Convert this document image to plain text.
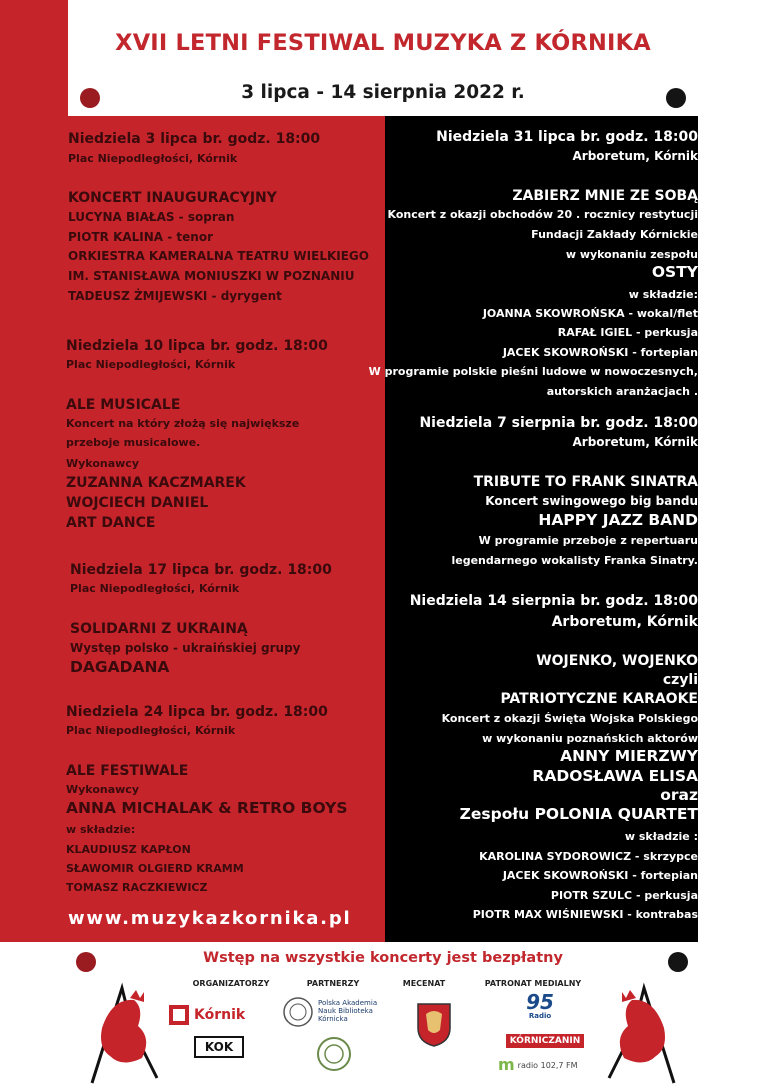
XVII LETNI FESTIWAL MUZYKA Z KÓRNIKA
3 lipca - 14 sierpnia 2022 r.
Niedziela 3 lipca br. godz. 18:00
Plac Niepodległości, Kórnik
KONCERT INAUGURACYJNY
LUCYNA BIAŁAS - sopran
PIOTR KALINA - tenor
ORKIESTRA KAMERALNA TEATRU WIELKIEGO
IM. STANISŁAWA MONIUSZKI W POZNANIU
TADEUSZ ŻMIJEWSKI - dyrygent
Niedziela 10 lipca br. godz. 18:00
Plac Niepodległości, Kórnik
ALE MUSICALE
Koncert na który złożą się największe
przeboje musicalowe.
Wykonawcy
ZUZANNA KACZMAREK
WOJCIECH DANIEL
ART DANCE
Niedziela 17 lipca br. godz. 18:00
Plac Niepodległości, Kórnik
SOLIDARNI Z UKRAINĄ
Występ polsko - ukraińskiej grupy
DAGADANA
Niedziela 24 lipca br. godz. 18:00
Plac Niepodległości, Kórnik
ALE FESTIWALE
Wykonawcy
ANNA MICHALAK & RETRO BOYS
w składzie:
KLAUDIUSZ KAPŁON
SŁAWOMIR OLGIERD KRAMM
TOMASZ RACZKIEWICZ
Niedziela 31 lipca br. godz. 18:00
Arboretum, Kórnik
ZABIERZ MNIE ZE SOBĄ
Koncert z okazji obchodów 20 . rocznicy restytucji
Fundacji Zakłady Kórnickie
w wykonaniu zespołu
OSTY
w składzie:
JOANNA SKOWROŃSKA - wokal/flet
RAFAŁ IGIEL - perkusja
JACEK SKOWROŃSKI - fortepian
W programie polskie pieśni ludowe w nowoczesnych,
autorskich aranżacjach .
Niedziela 7 sierpnia br. godz. 18:00
Arboretum, Kórnik
TRIBUTE TO FRANK SINATRA
Koncert swingowego big bandu
HAPPY JAZZ BAND
W programie przeboje z repertuaru
legendarnego wokalisty Franka Sinatry.
Niedziela 14 sierpnia br. godz. 18:00
Arboretum, Kórnik
WOJENKO, WOJENKO
czyli
PATRIOTYCZNE KARAOKE
Koncert z okazji Święta Wojska Polskiego
w wykonaniu poznańskich aktorów
ANNY MIERZWY
RADOSŁAWA ELISA
oraz
Zespołu POLONIA QUARTET
w składzie :
KAROLINA SYDOROWICZ - skrzypce
JACEK SKOWROŃSKI - fortepian
PIOTR SZULC - perkusja
PIOTR MAX WIŚNIEWSKI - kontrabas
www.muzykazkornika.pl
Wstęp na wszystkie koncerty jest bezpłatny
ORGANIZATORZY	PARTNERZY	MECENAT	PATRONAT MEDIALNY
Kórnik
KOK
Polska Akademia Nauk Biblioteka Kórnicka
95
Radio
KÓRNICZANIN
m radio 102,7 FM
